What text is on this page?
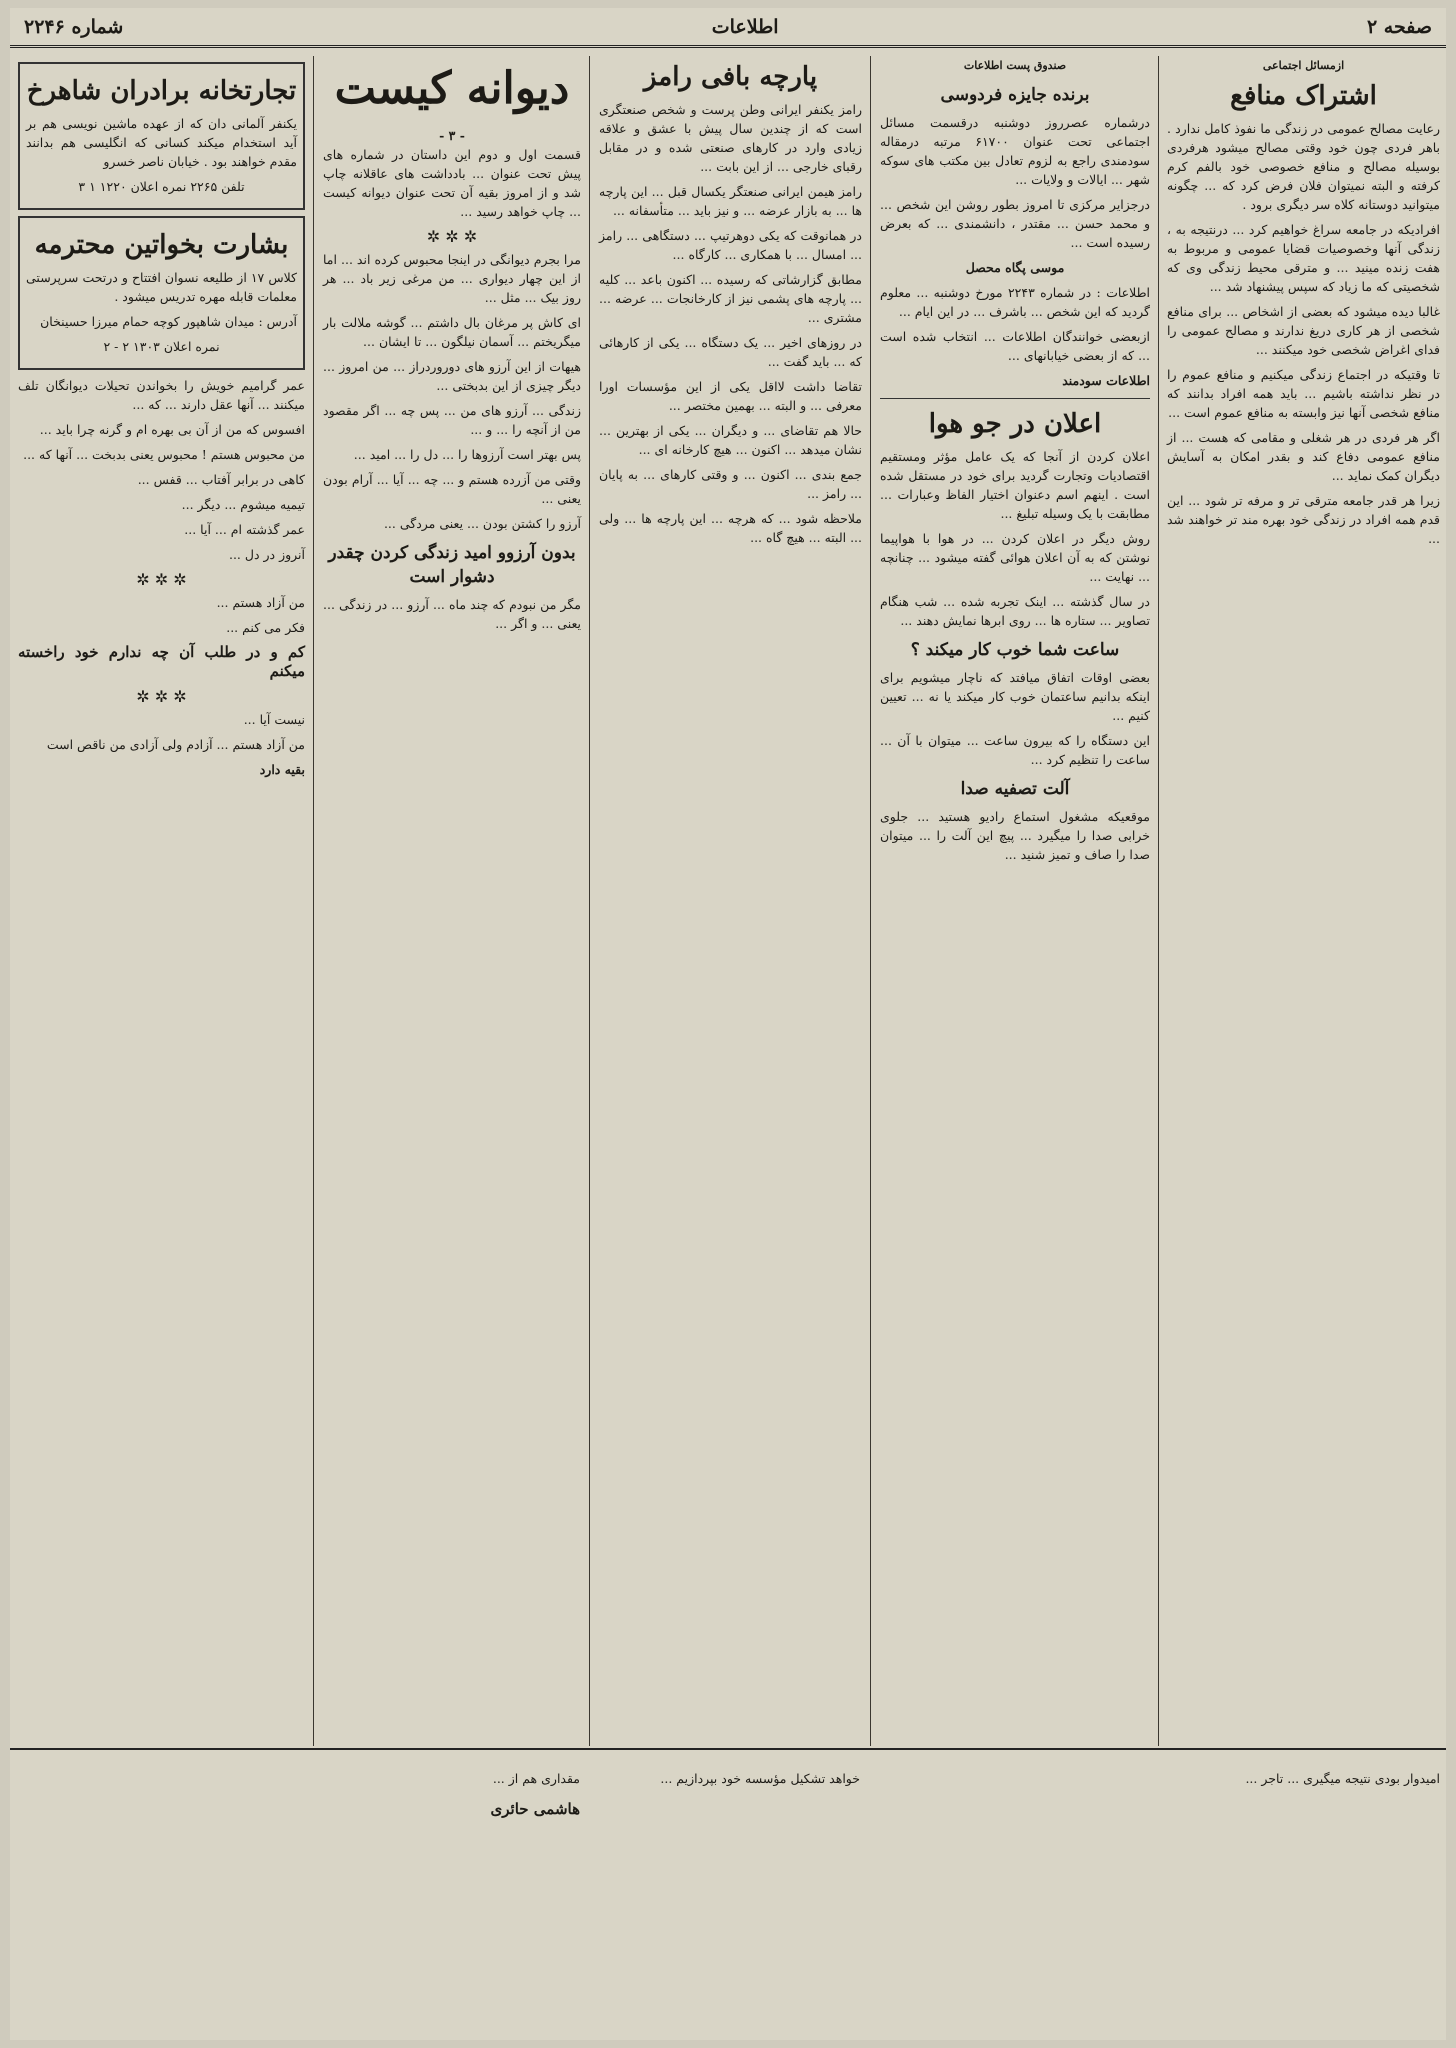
صفحه ۲
اطلاعات
شماره ۲۲۴۶
ازمسائل اجتماعی
اشتراک منافع

رعایت مصالح عمومی در زندگی ما نفوذ کامل ندارد . باهر فردی چون خود وقتی مصالح میشود هرفردی بوسیله مصالح و منافع خصوصی خود بالفم کرم کرفته و البته نمیتوان فلان فرض کرد که ... چگونه میتوانید دوستانه کلاه سر دیگری برود .

افرادیکه در جامعه سراغ خواهیم کرد ... درنتیجه به ، زندگی آنها وخصوصیات قضایا عمومی و مربوط به هفت زنده مینید ... و مترقی محیط زندگی وی که شخصیتی که ما زیاد که سپس پیشنهاد شد ...

غالبا دیده میشود که بعضی از اشخاص ... برای منافع شخصی از هر کاری دریغ ندارند و مصالح عمومی را فدای اغراض شخصی خود میکنند ...

تا وقتیکه در اجتماع زندگی میکنیم و منافع عموم را در نظر نداشته باشیم ... باید همه افراد بدانند که منافع شخصی آنها نیز وابسته به منافع عموم است ...

اگر هر فردی در هر شغلی و مقامی که هست ... از منافع عمومی دفاع کند و بقدر امکان به آسایش دیگران کمک نماید ...

زیرا هر قدر جامعه مترقی تر و مرفه تر شود ... این قدم همه افراد در زندگی خود بهره مند تر خواهند شد ...

صندوق پست اطلاعات
برنده جایزه فردوسی

درشماره عصرروز دوشنبه درقسمت مسائل اجتماعی تحت عنوان ۶۱۷۰۰ مرتبه درمقاله سودمندی راجع به لزوم تعادل بین مکتب های سوکه شهر ... ایالات و ولایات ...

درجزایر مرکزی تا امروز بطور روشن این شخص ... و محمد حسن ... مقتدر ، دانشمندی ... که بعرض رسیده است ...

موسی پگاه محصل

اطلاعات : در شماره ۲۲۴۳ مورخ دوشنبه ... معلوم گردید که این شخص ... باشرف ... در این ایام ...

ازبعضی خوانندگان اطلاعات ... انتخاب شده است ... که از بعضی خیابانهای ...

اطلاعات سودمند

اعلان در جو هوا

اعلان کردن از آنجا که یک عامل مؤثر ومستقیم اقتصادیات وتجارت گردید برای خود در مستقل شده است . اینهم اسم دعنوان اختیار الفاظ وعبارات ... مطابقت با یک وسیله تبلیغ ...

روش دیگر در اعلان کردن ... در هوا با هواپیما نوشتن که به آن اعلان هوائی گفته میشود ... چنانچه ... نهایت ...

در سال گذشته ... اینک تجربه شده ... شب هنگام تصاویر ... ستاره ها ... روی ابرها نمایش دهند ...

ساعت شما خوب کار میکند ؟

بعضی اوقات اتفاق میافتد که ناچار میشویم برای اینکه بدانیم ساعتمان خوب کار میکند یا نه ... تعیین کنیم ...

این دستگاه را که بیرون ساعت ... میتوان با آن ... ساعت را تنظیم کرد ...

آلت تصفیه صدا

موقعیکه مشغول استماع رادیو هستید ... جلوی خرابی صدا را میگیرد ... پیچ این آلت را ... میتوان صدا را صاف و تمیز شنید ...

پارچه بافی رامز

رامز یکنفر ایرانی وطن پرست و شخص صنعتگری است که از چندین سال پیش با عشق و علاقه زیادی وارد در کارهای صنعتی شده و در مقابل رقبای خارجی ... از این بابت ...

رامز هیمن ایرانی صنعتگر یکسال قبل ... این پارچه ها ... به بازار عرضه ... و نیز باید ... متأسفانه ...

در همانوقت که یکی دوهرتیپ ... دستگاهی ... رامز ... امسال ... با همکاری ... کارگاه ...

مطابق گزارشاتی که رسیده ... اکنون باعد ... کلیه ... پارچه های پشمی نیز از کارخانجات ... عرضه ... مشتری ...

در روزهای اخیر ... یک دستگاه ... یکی از کارهائی که ... باید گفت ...

تقاضا داشت لااقل یکی از این مؤسسات اورا معرفی ... و البته ... بهمین مختصر ...

حالا هم تقاضای ... و دیگران ... یکی از بهترین ... نشان میدهد ... اکنون ... هیچ کارخانه ای ...

جمع بندی ... اکنون ... و وقتی کارهای ... به پایان ... رامز ...

ملاحظه شود ... که هرچه ... این پارچه ها ... ولی ... البته ... هیچ گاه ...

دیوانه کیست
- ۳ -

قسمت اول و دوم این داستان در شماره های پیش تحت عنوان ... بادداشت های عاقلانه چاپ شد و از امروز بقیه آن تحت عنوان دیوانه کیست ... چاپ خواهد رسید ...

✲ ✲ ✲

مرا بجرم دیوانگی در اینجا محبوس کرده اند ... اما از این چهار دیواری ... من مرغی زیر باد ... هر روز بیک ... مثل ...

ای کاش پر مرغان بال داشتم ... گوشه ملالت بار میگریختم ... آسمان نیلگون ... تا ایشان ...

هیهات از این آرزو های دوروردراز ... من امروز ... دیگر چیزی از این بدبختی ...

زندگی ... آرزو های من ... پس چه ... اگر مقصود من از آنچه را ... و ...

پس بهتر است آرزوها را ... دل را ... امید ...

وقتی من آزرده هستم و ... چه ... آیا ... آرام بودن یعنی ...

آرزو را کشتن بودن ... یعنی مردگی ...

بدون آرزوو امید زندگی کردن چقدر دشوار است

مگر من نبودم که چند ماه ... آرزو ... در زندگی ... یعنی ... و اگر ...

تجارتخانه برادران شاهرخ

یکنفر آلمانی دان که از عهده ماشین نویسی هم بر آید استخدام میکند کسانی که انگلیسی هم بدانند مقدم خواهند بود . خیابان ناصر خسرو

تلفن ۲۲۶۵ نمره اعلان ۱۲۲۰ ۱ ۳

بشارت بخواتین محترمه

کلاس ۱۷ از طلیعه نسوان افتتاح و درتحت سرپرستی معلمات قابله مهره تدریس میشود .

آدرس : میدان شاهپور کوچه حمام میرزا حسینخان

نمره اعلان ۱۳۰۳ ۲ - ۲

عمر گرامیم خویش را بخواندن تحیلات دیوانگان تلف میکنند ... آنها عقل دارند ... که ...

افسوس که من از آن بی بهره ام و گرنه چرا باید ...

من محبوس هستم ! محبوس یعنی بدبخت ... آنها که ...

کاهی در برابر آفتاب ... قفس ...

تیمیه میشوم ... دیگر ...

عمر گذشته ام ... آیا ...

آنروز در دل ...

✲ ✲ ✲

من آزاد هستم ...

فکر می کنم ...

کم و در طلب آن چه ندارم خود راخسته میکنم

✲ ✲ ✲

نیست آیا ...

من آزاد هستم ... آزادم ولی آزادی من ناقص است

بقیه دارد

امیدوار بودی نتیجه میگیری ... تاجر ...

خواهد تشکیل مؤسسه خود بپردازیم ...

مقداری هم از ...

هاشمی حائری
